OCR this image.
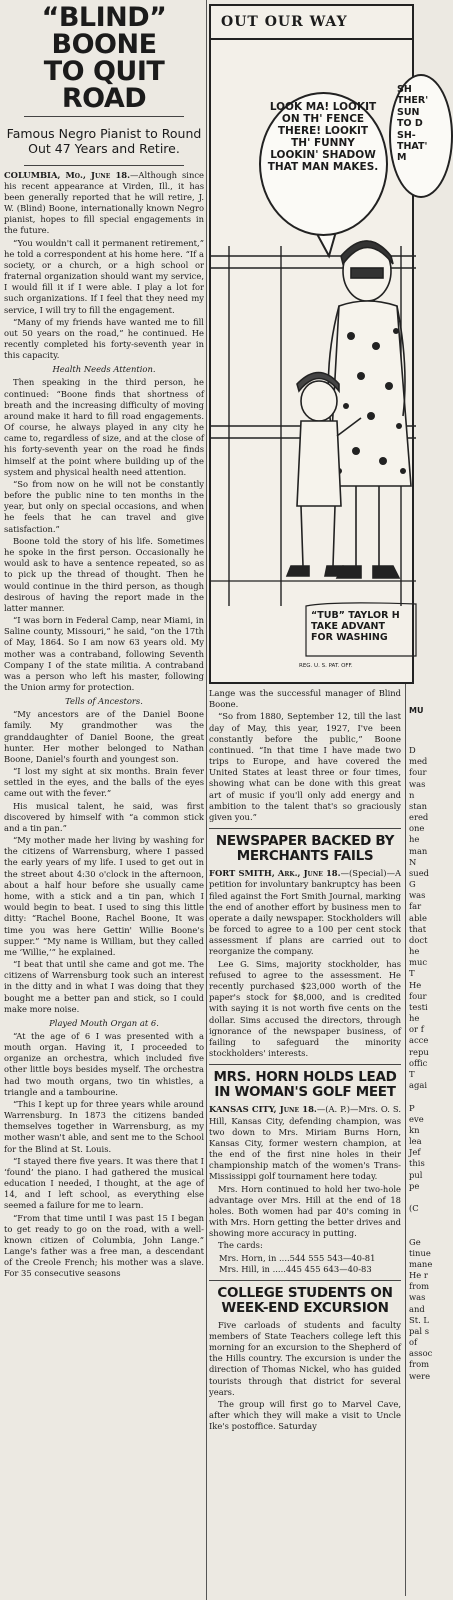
“BLIND” BOONE
TO QUIT ROAD
Famous Negro Pianist to Round Out 47 Years and Retire.

COLUMBIA, Mo., June 18.—Although since his recent appearance at Virden, Ill., it has been generally reported that he will retire, J. W. (Blind) Boone, internationally known Negro pianist, hopes to fill special engagements in the future.

“You wouldn't call it permanent retirement,” he told a correspondent at his home here. “If a society, or a church, or a high school or fraternal organization should want my service, I would fill it if I were able. I play a lot for such organizations. If I feel that they need my service, I will try to fill the engagement.

“Many of my friends have wanted me to fill out 50 years on the road,” he continued. He recently completed his forty-seventh year in this capacity.

Health Needs Attention.

Then speaking in the third person, he continued: “Boone finds that shortness of breath and the increasing difficulty of moving around make it hard to fill road engagements. Of course, he always played in any city he came to, regardless of size, and at the close of his forty-seventh year on the road he finds himself at the point where building up of the system and physical health need attention.

“So from now on he will not be constantly before the public nine to ten months in the year, but only on special occasions, and when he feels that he can travel and give satisfaction.”

Boone told the story of his life. Sometimes he spoke in the first person. Occasionally he would ask to have a sentence repeated, so as to pick up the thread of thought. Then he would continue in the third person, as though desirous of having the report made in the latter manner.

“I was born in Federal Camp, near Miami, in Saline county, Missouri,” he said, “on the 17th of May, 1864. So I am now 63 years old. My mother was a contraband, following Seventh Company I of the state militia. A contraband was a person who left his master, following the Union army for protection.

Tells of Ancestors.

“My ancestors are of the Daniel Boone family. My grandmother was the granddaughter of Daniel Boone, the great hunter. Her mother belonged to Nathan Boone, Daniel's fourth and youngest son.

“I lost my sight at six months. Brain fever settled in the eyes, and the balls of the eyes came out with the fever.”

His musical talent, he said, was first discovered by himself with “a common stick and a tin pan.”

“My mother made her living by washing for the citizens of Warrensburg, where I passed the early years of my life. I used to get out in the street about 4:30 o'clock in the afternoon, about a half hour before she usually came home, with a stick and a tin pan, which I would begin to beat. I used to sing this little ditty: “Rachel Boone, Rachel Boone, It was time you was here Gettin' Willie Boone's supper.” “My name is William, but they called me ‘Willie,’” he explained.

“I beat that until she came and got me. The citizens of Warrensburg took such an interest in the ditty and in what I was doing that they bought me a better pan and stick, so I could make more noise.

Played Mouth Organ at 6.

“At the age of 6 I was presented with a mouth organ. Having it, I proceeded to organize an orchestra, which included five other little boys besides myself. The orchestra had two mouth organs, two tin whistles, a triangle and a tambourine.

“This I kept up for three years while around Warrensburg. In 1873 the citizens banded themselves together in Warrensburg, as my mother wasn't able, and sent me to the School for the Blind at St. Louis.

“I stayed there five years. It was there that I ‘found’ the piano. I had gathered the musical education I needed, I thought, at the age of 14, and I left school, as everything else seemed a failure for me to learn.

“From that time until I was past 15 I began to get ready to go on the road, with a well-known citizen of Columbia, John Lange.” Lange's father was a free man, a descendant of the Creole French; his mother was a slave. For 35 consecutive seasons

OUT OUR WAY
LOOK MA! LOOKIT ON TH' FENCE THERE! LOOKIT TH' FUNNY LOOKIN' SHADOW THAT MAN MAKES.
SH
THER'
SUN
TO D
SH-
THAT'
M
“TUB” TAYLOR H
TAKE ADVANT
FOR WASHING
REG. U. S. PAT. OFF.

Lange was the successful manager of Blind Boone.

“So from 1880, September 12, till the last day of May, this year, 1927, I've been constantly before the public,” Boone continued. “In that time I have made two trips to Europe, and have covered the United States at least three or four times, showing what can be done with this great art of music if you'll only add energy and ambition to the talent that's so graciously given you.”

NEWSPAPER BACKED BY MERCHANTS FAILS

FORT SMITH, Ark., June 18.—(Special)—A petition for involuntary bankruptcy has been filed against the Fort Smith Journal, marking the end of another effort by business men to operate a daily newspaper. Stockholders will be forced to agree to a 100 per cent stock assessment if plans are carried out to reorganize the company.

Lee G. Sims, majority stockholder, has refused to agree to the assessment. He recently purchased $23,000 worth of the paper's stock for $8,000, and is credited with saying it is not worth five cents on the dollar. Sims accused the directors, through ignorance of the newspaper business, of failing to safeguard the minority stockholders' interests.

MRS. HORN HOLDS LEAD IN WOMAN'S GOLF MEET

KANSAS CITY, June 18.—(A. P.)—Mrs. O. S. Hill, Kansas City, defending champion, was two down to Mrs. Miriam Burns Horn, Kansas City, former western champion, at the end of the first nine holes in their championship match of the women's Trans-Mississippi golf tournament here today.

Mrs. Horn continued to hold her two-hole advantage over Mrs. Hill at the end of 18 holes. Both women had par 40's coming in with Mrs. Horn getting the better drives and showing more accuracy in putting.

The cards:

Mrs. Horn, in ....544 555 543—40-81
Mrs. Hill, in .....445 455 643—40-83
COLLEGE STUDENTS ON WEEK-END EXCURSION

Five carloads of students and faculty members of State Teachers college left this morning for an excursion to the Shepherd of the Hills country. The excursion is under the direction of Thomas Nickel, who has guided tourists through that district for several years.

The group will first go to Marvel Cave, after which they will make a visit to Uncle Ike's postoffice. Saturday

MU

D

med

four

was

n

stan

ered

one

he

man

N

sued

G

was

far

able

that

doct

he

muc

T

He

four

testi

he

or f

acce

repu

offic

T

agai

P

eve

kn

lea

Jef

this

pul

pe

(C

Ge

tinue

mane

He r

from

was

and

St. L

pal s

of

assoc

from

were
